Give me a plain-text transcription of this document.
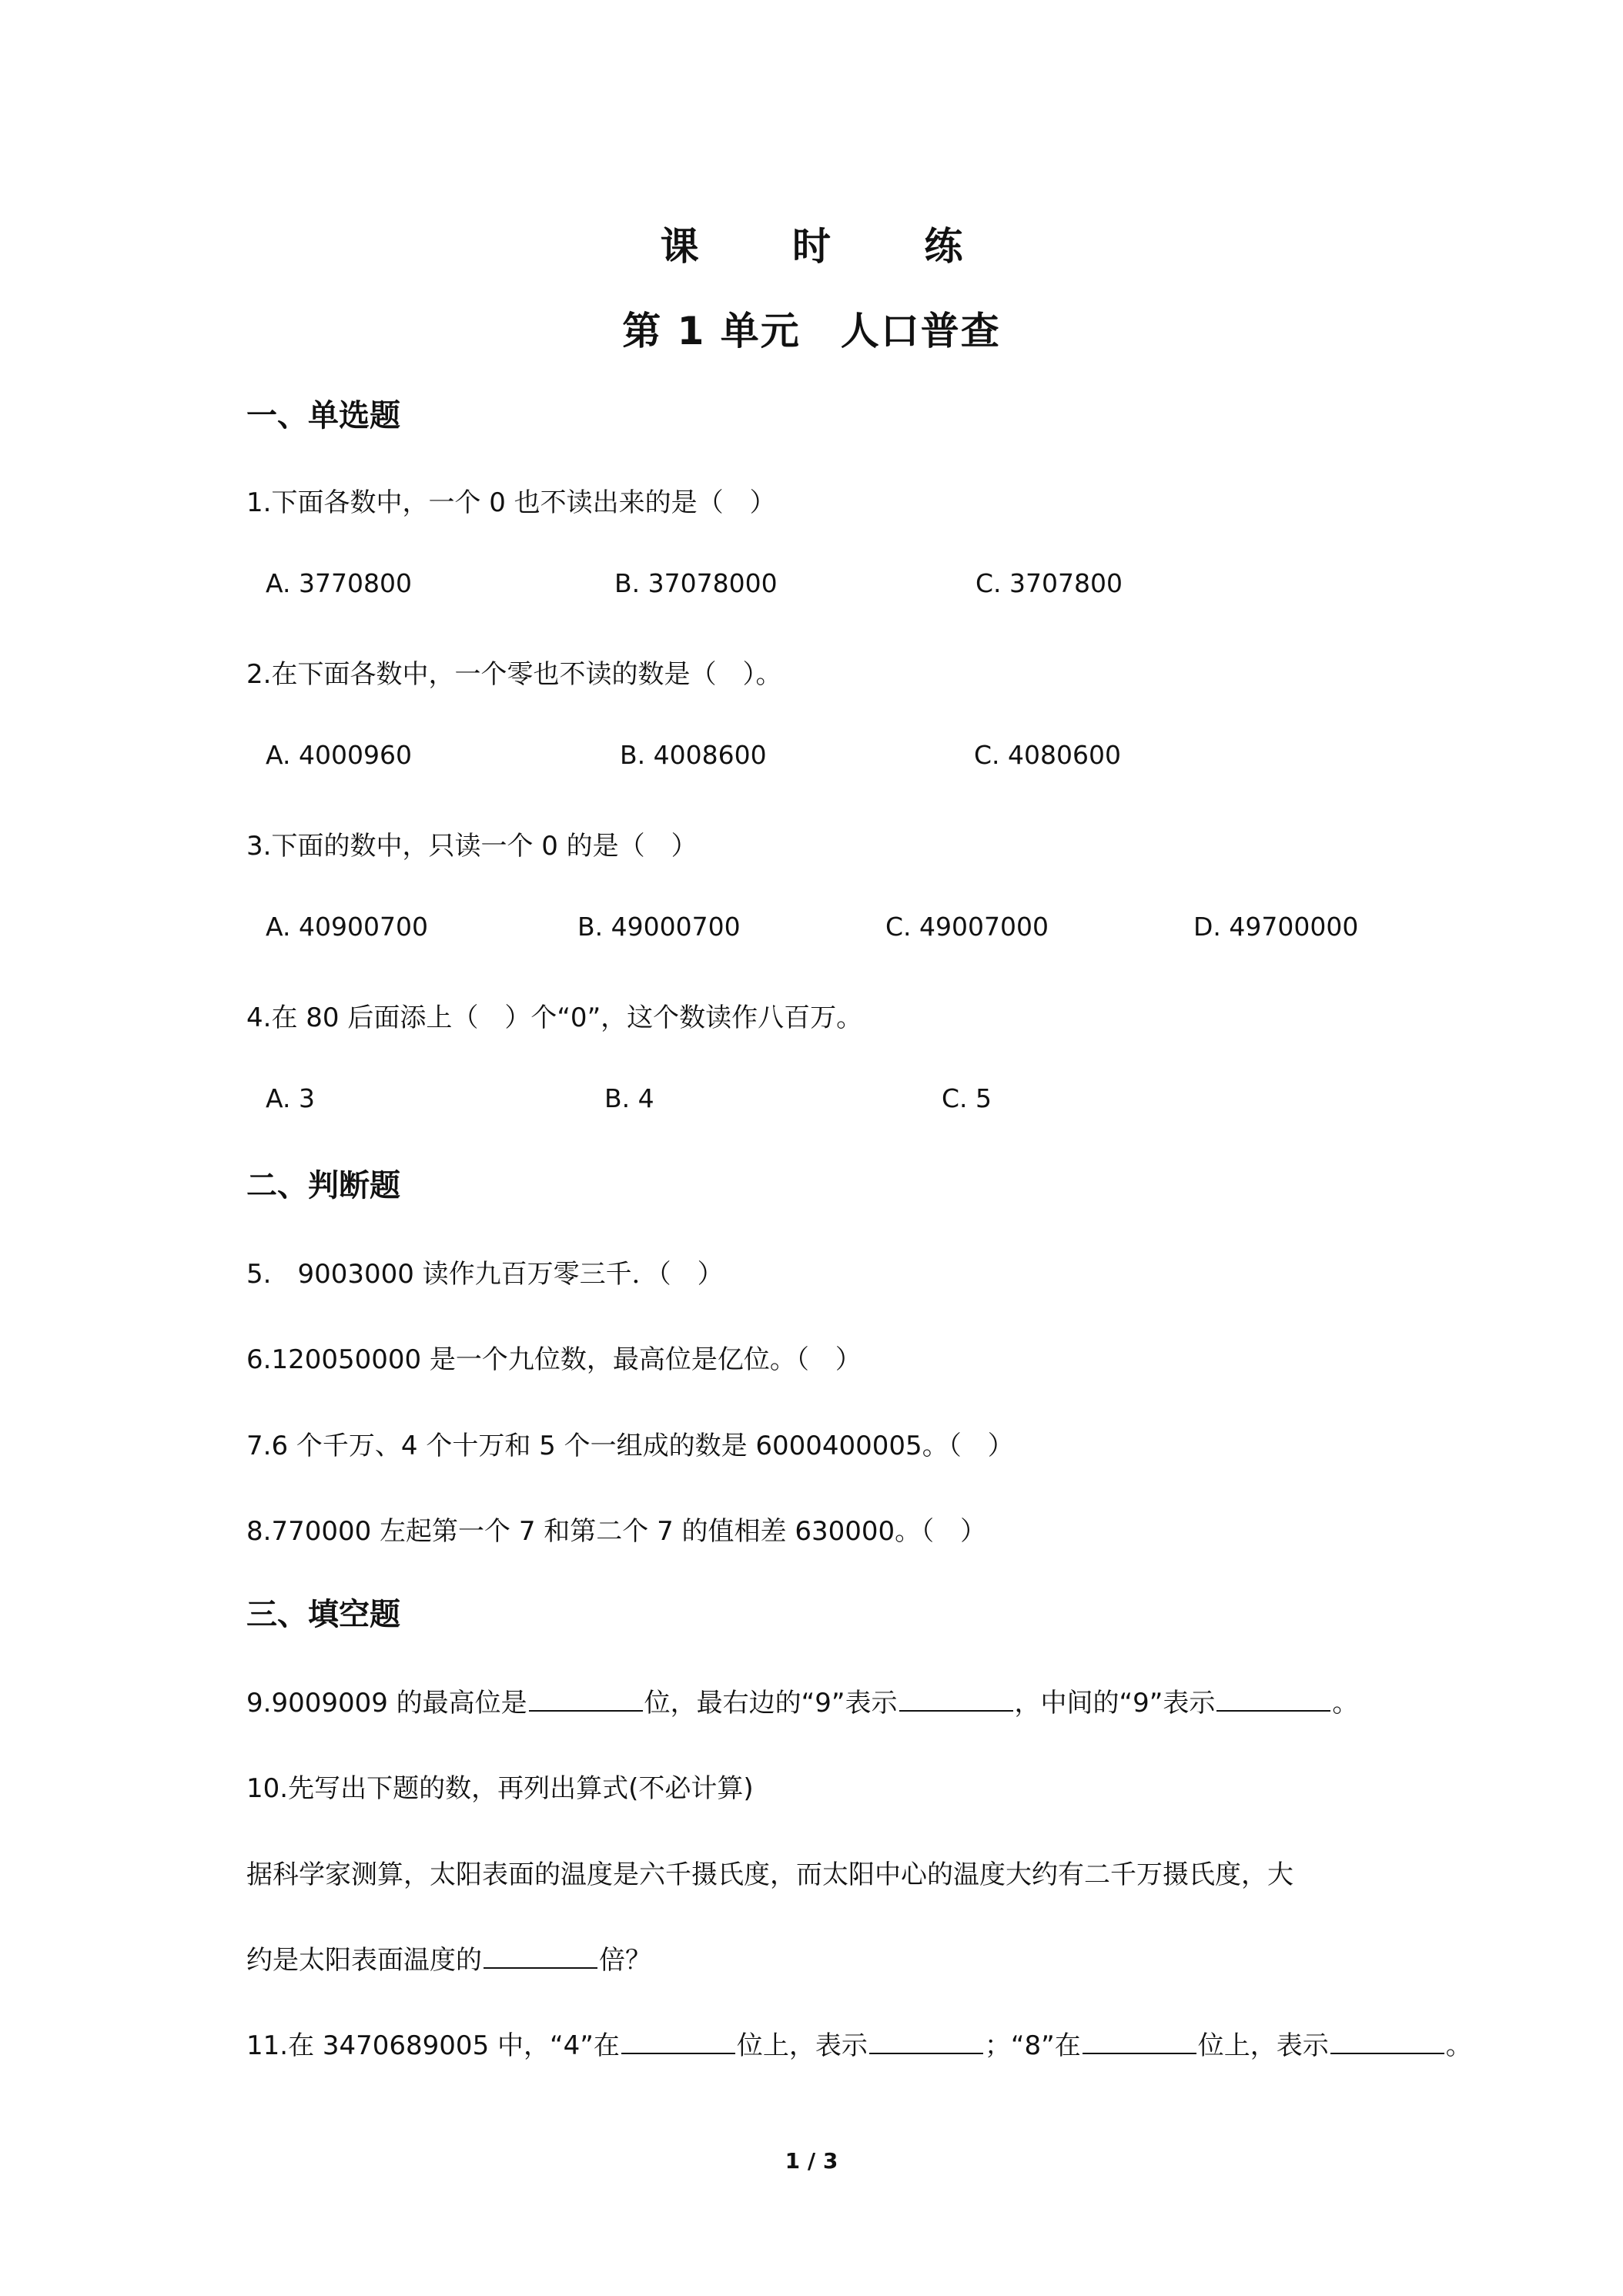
课 时 练
第 1 单元　人口普查
一、单选题
1.下面各数中，一个 0 也不读出来的是（　）
A. 3770800	B. 37078000	C. 3707800
2.在下面各数中，一个零也不读的数是（　）。
A. 4000960	B. 4008600	C. 4080600
3.下面的数中，只读一个 0 的是（　）
A. 40900700	B. 49000700	C. 49007000	D. 49700000
4.在 80 后面添上（　）个“0”，这个数读作八百万。
A. 3	B. 4	C. 5
二、判断题
5.　9003000 读作九百万零三千．（　）
6.120050000 是一个九位数，最高位是亿位。（　）
7.6 个千万、4 个十万和 5 个一组成的数是 6000400005。（　）
8.770000 左起第一个 7 和第二个 7 的值相差 630000。（　）
三、填空题
9.9009009 的最高位是	位，最右边的“9”表示	，中间的“9”表示	。
10.先写出下题的数，再列出算式(不必计算)
据科学家测算，太阳表面的温度是六千摄氏度，而太阳中心的温度大约有二千万摄氏度，大
约是太阳表面温度的	倍？
11.在 3470689005 中，“4”在	位上，表示	；“8”在	位上，表示	。
1 / 3
